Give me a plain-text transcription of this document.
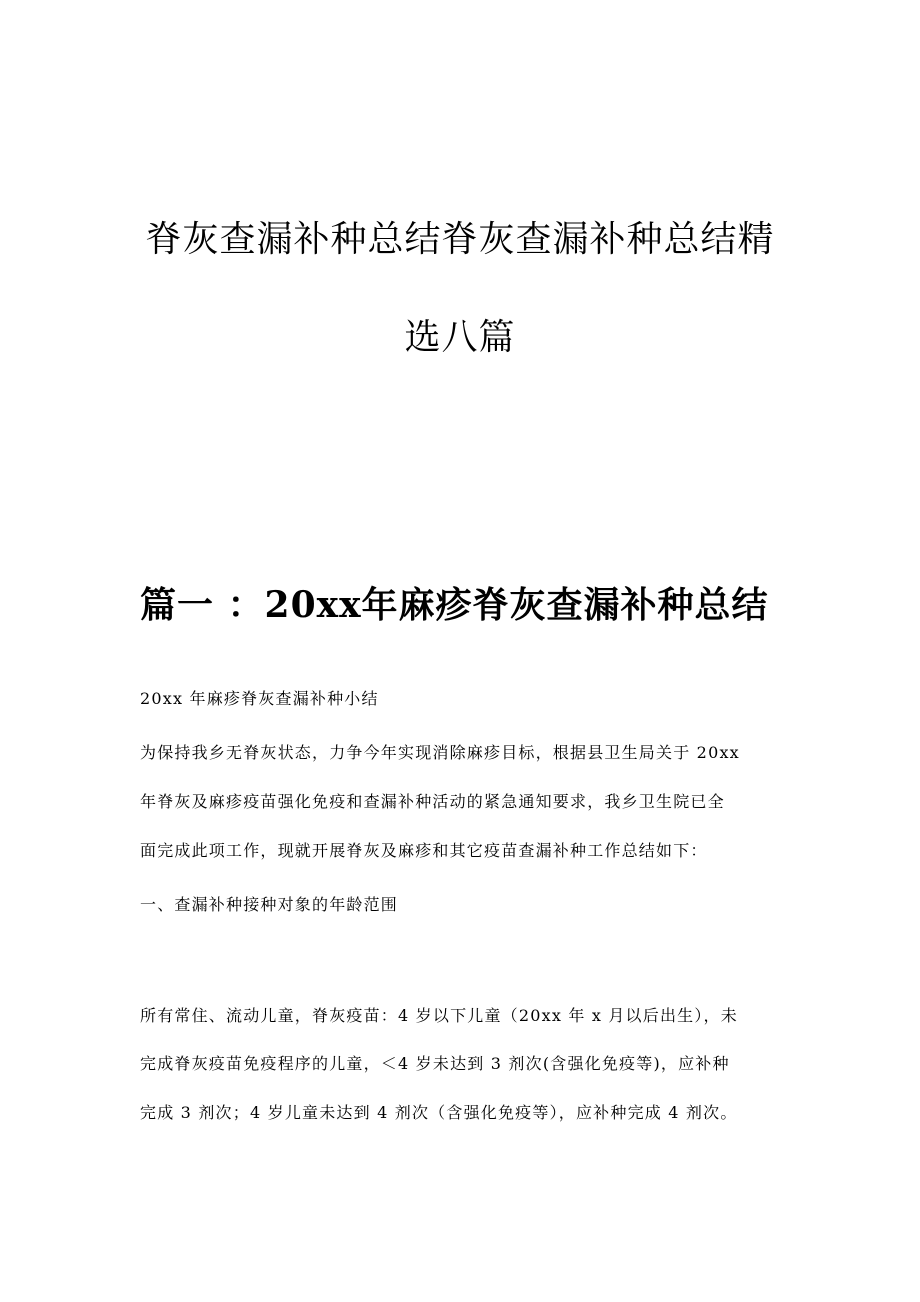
脊灰查漏补种总结脊灰查漏补种总结精
选八篇
篇一 ：20xx年麻疹脊灰查漏补种总结

20xx 年麻疹脊灰查漏补种小结

为保持我乡无脊灰状态，力争今年实现消除麻疹目标，根据县卫生局关于 20xx

年脊灰及麻疹疫苗强化免疫和查漏补种活动的紧急通知要求，我乡卫生院已全

面完成此项工作，现就开展脊灰及麻疹和其它疫苗查漏补种工作总结如下：

一、查漏补种接种对象的年龄范围

所有常住、流动儿童，脊灰疫苗：4 岁以下儿童（20xx 年 x 月以后出生），未

完成脊灰疫苗免疫程序的儿童，＜4 岁未达到 3 剂次(含强化免疫等)，应补种

完成 3 剂次；4 岁儿童未达到 4 剂次（含强化免疫等），应补种完成 4 剂次。
